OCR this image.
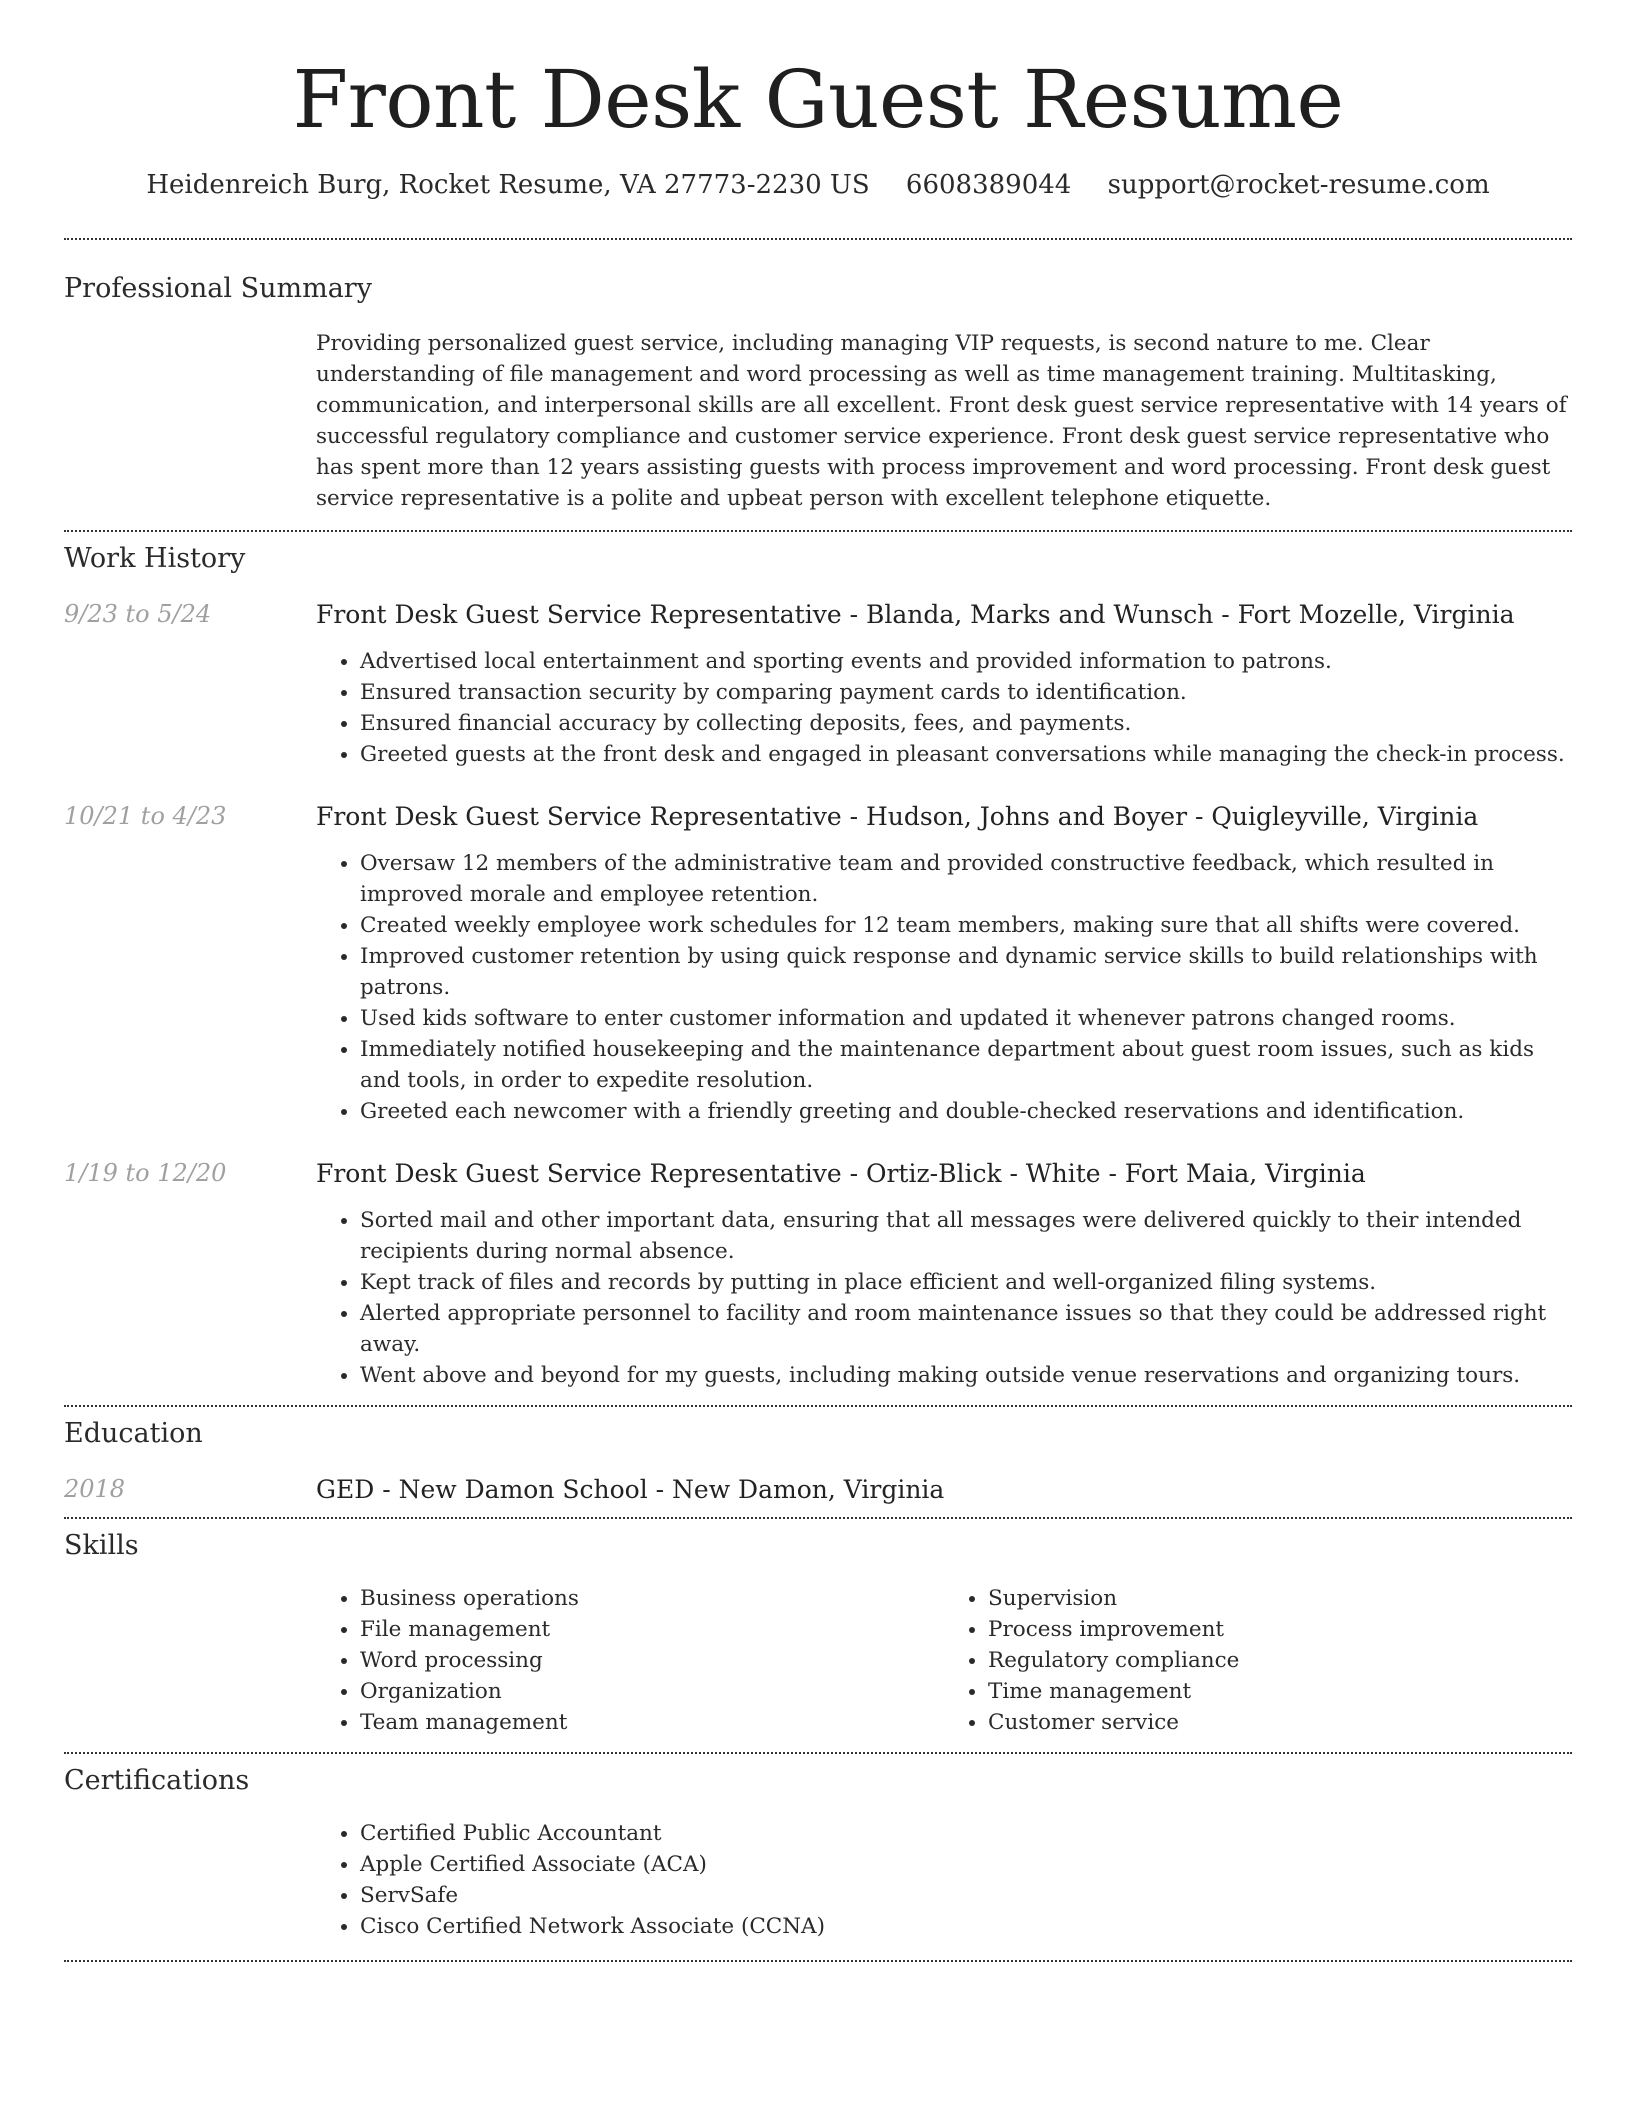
Front Desk Guest Resume
Heidenreich Burg, Rocket Resume, VA 27773-2230 US 6608389044 support@rocket-resume.com
Professional Summary

Providing personalized guest service, including managing VIP requests, is second nature to me. Clear understanding of file management and word processing as well as time management training. Multitasking, communication, and interpersonal skills are all excellent. Front desk guest service representative with 14 years of successful regulatory compliance and customer service experience. Front desk guest service representative who has spent more than 12 years assisting guests with process improvement and word processing. Front desk guest service representative is a polite and upbeat person with excellent telephone etiquette.

Work History
9/23 to 5/24	Front Desk Guest Service Representative - Blanda, Marks and Wunsch - Fort Mozelle, Virginia

• Advertised local entertainment and sporting events and provided information to patrons.
• Ensured transaction security by comparing payment cards to identification.
• Ensured financial accuracy by collecting deposits, fees, and payments.
• Greeted guests at the front desk and engaged in pleasant conversations while managing the check-in process.
10/21 to 4/23	Front Desk Guest Service Representative - Hudson, Johns and Boyer - Quigleyville, Virginia

• Oversaw 12 members of the administrative team and provided constructive feedback, which resulted in improved morale and employee retention.
• Created weekly employee work schedules for 12 team members, making sure that all shifts were covered.
• Improved customer retention by using quick response and dynamic service skills to build relationships with patrons.
• Used kids software to enter customer information and updated it whenever patrons changed rooms.
• Immediately notified housekeeping and the maintenance department about guest room issues, such as kids and tools, in order to expedite resolution.
• Greeted each newcomer with a friendly greeting and double-checked reservations and identification.
1/19 to 12/20	Front Desk Guest Service Representative - Ortiz-Blick - White - Fort Maia, Virginia

• Sorted mail and other important data, ensuring that all messages were delivered quickly to their intended recipients during normal absence.
• Kept track of files and records by putting in place efficient and well-organized filing systems.
• Alerted appropriate personnel to facility and room maintenance issues so that they could be addressed right away.
• Went above and beyond for my guests, including making outside venue reservations and organizing tours.
Education
2018	GED - New Damon School - New Damon, Virginia

Skills
• Business operations
• File management
• Word processing
• Organization
• Team management
• Supervision
• Process improvement
• Regulatory compliance
• Time management
• Customer service
Certifications
• Certified Public Accountant
• Apple Certified Associate (ACA)
• ServSafe
• Cisco Certified Network Associate (CCNA)
